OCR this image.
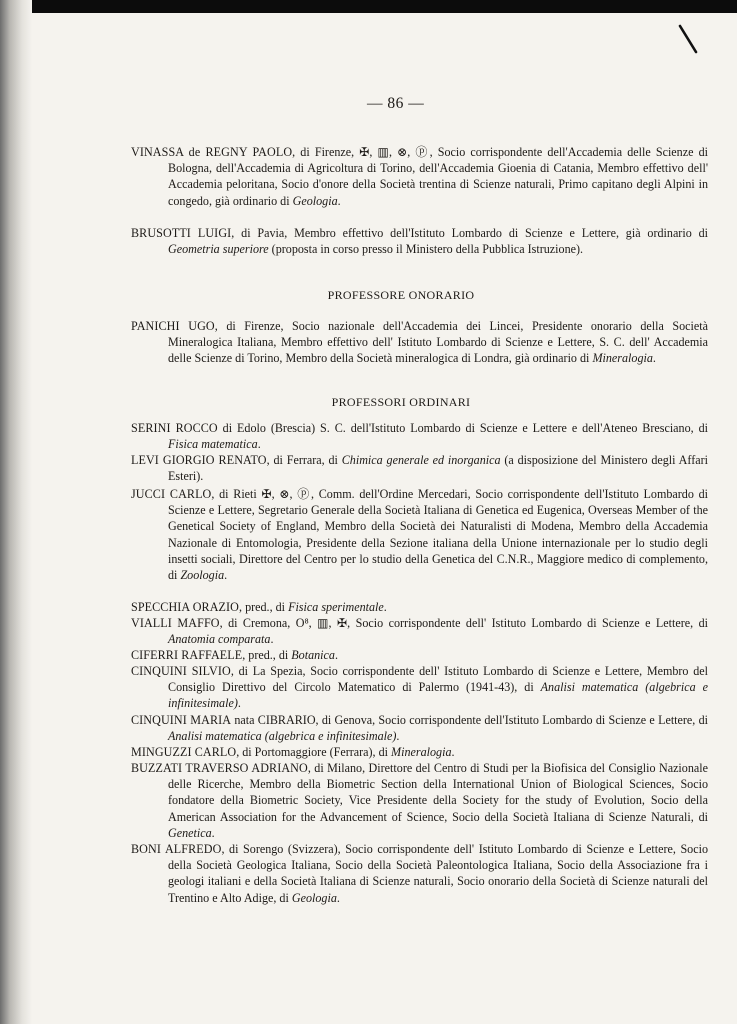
— 86 —

VINASSA de REGNY PAOLO, di Firenze, ✠, ▥, ⊗, ⓟ, Socio corrispondente dell'Accademia delle Scienze di Bologna, dell'Accademia di Agricoltura di Torino, dell'Accademia Gioenia di Catania, Membro effettivo dell' Accademia peloritana, Socio d'onore della Società trentina di Scienze naturali, Primo capitano degli Alpini in congedo, già ordinario di Geologia.

BRUSOTTI LUIGI, di Pavia, Membro effettivo dell'Istituto Lombardo di Scienze e Lettere, già ordinario di Geometria superiore (proposta in corso presso il Ministero della Pubblica Istruzione).

PROFESSORE ONORARIO

PANICHI UGO, di Firenze, Socio nazionale dell'Accademia dei Lincei, Presidente onorario della Società Mineralogica Italiana, Membro effettivo dell' Istituto Lombardo di Scienze e Lettere, S. C. dell' Accademia delle Scienze di Torino, Membro della Società mineralogica di Londra, già ordinario di Mineralogia.

PROFESSORI ORDINARI

SERINI ROCCO di Edolo (Brescia) S. C. dell'Istituto Lombardo di Scienze e Lettere e dell'Ateneo Bresciano, di Fisica matematica.

LEVI GIORGIO RENATO, di Ferrara, di Chimica generale ed inorganica (a disposizione del Ministero degli Affari Esteri).

JUCCI CARLO, di Rieti ✠, ⊗, ⓟ, Comm. dell'Ordine Mercedari, Socio corrispondente dell'Istituto Lombardo di Scienze e Lettere, Segretario Generale della Società Italiana di Genetica ed Eugenica, Overseas Member of the Genetical Society of England, Membro della Società dei Naturalisti di Modena, Membro della Accademia Nazionale di Entomologia, Presidente della Sezione italiana della Unione internazionale per lo studio degli insetti sociali, Direttore del Centro per lo studio della Genetica del C.N.R., Maggiore medico di complemento, di Zoologia.

SPECCHIA ORAZIO, pred., di Fisica sperimentale.

VIALLI MAFFO, di Cremona, O⁸, ▥, ✠, Socio corrispondente dell' Istituto Lombardo di Scienze e Lettere, di Anatomia comparata.

CIFERRI RAFFAELE, pred., di Botanica.

CINQUINI SILVIO, di La Spezia, Socio corrispondente dell' Istituto Lombardo di Scienze e Lettere, Membro del Consiglio Direttivo del Circolo Matematico di Palermo (1941-43), di Analisi matematica (algebrica e infinitesimale).

CINQUINI MARIA nata CIBRARIO, di Genova, Socio corrispondente dell'Istituto Lombardo di Scienze e Lettere, di Analisi matematica (algebrica e infinitesimale).

MINGUZZI CARLO, di Portomaggiore (Ferrara), di Mineralogia.

BUZZATI TRAVERSO ADRIANO, di Milano, Direttore del Centro di Studi per la Biofisica del Consiglio Nazionale delle Ricerche, Membro della Biometric Section della International Union of Biological Sciences, Socio fondatore della Biometric Society, Vice Presidente della Society for the study of Evolution, Socio della American Association for the Advancement of Science, Socio della Società Italiana di Scienze Naturali, di Genetica.

BONI ALFREDO, di Sorengo (Svizzera), Socio corrispondente dell' Istituto Lombardo di Scienze e Lettere, Socio della Società Geologica Italiana, Socio della Società Paleontologica Italiana, Socio della Associazione fra i geologi italiani e della Società Italiana di Scienze naturali, Socio onorario della Società di Scienze naturali del Trentino e Alto Adige, di Geologia.
